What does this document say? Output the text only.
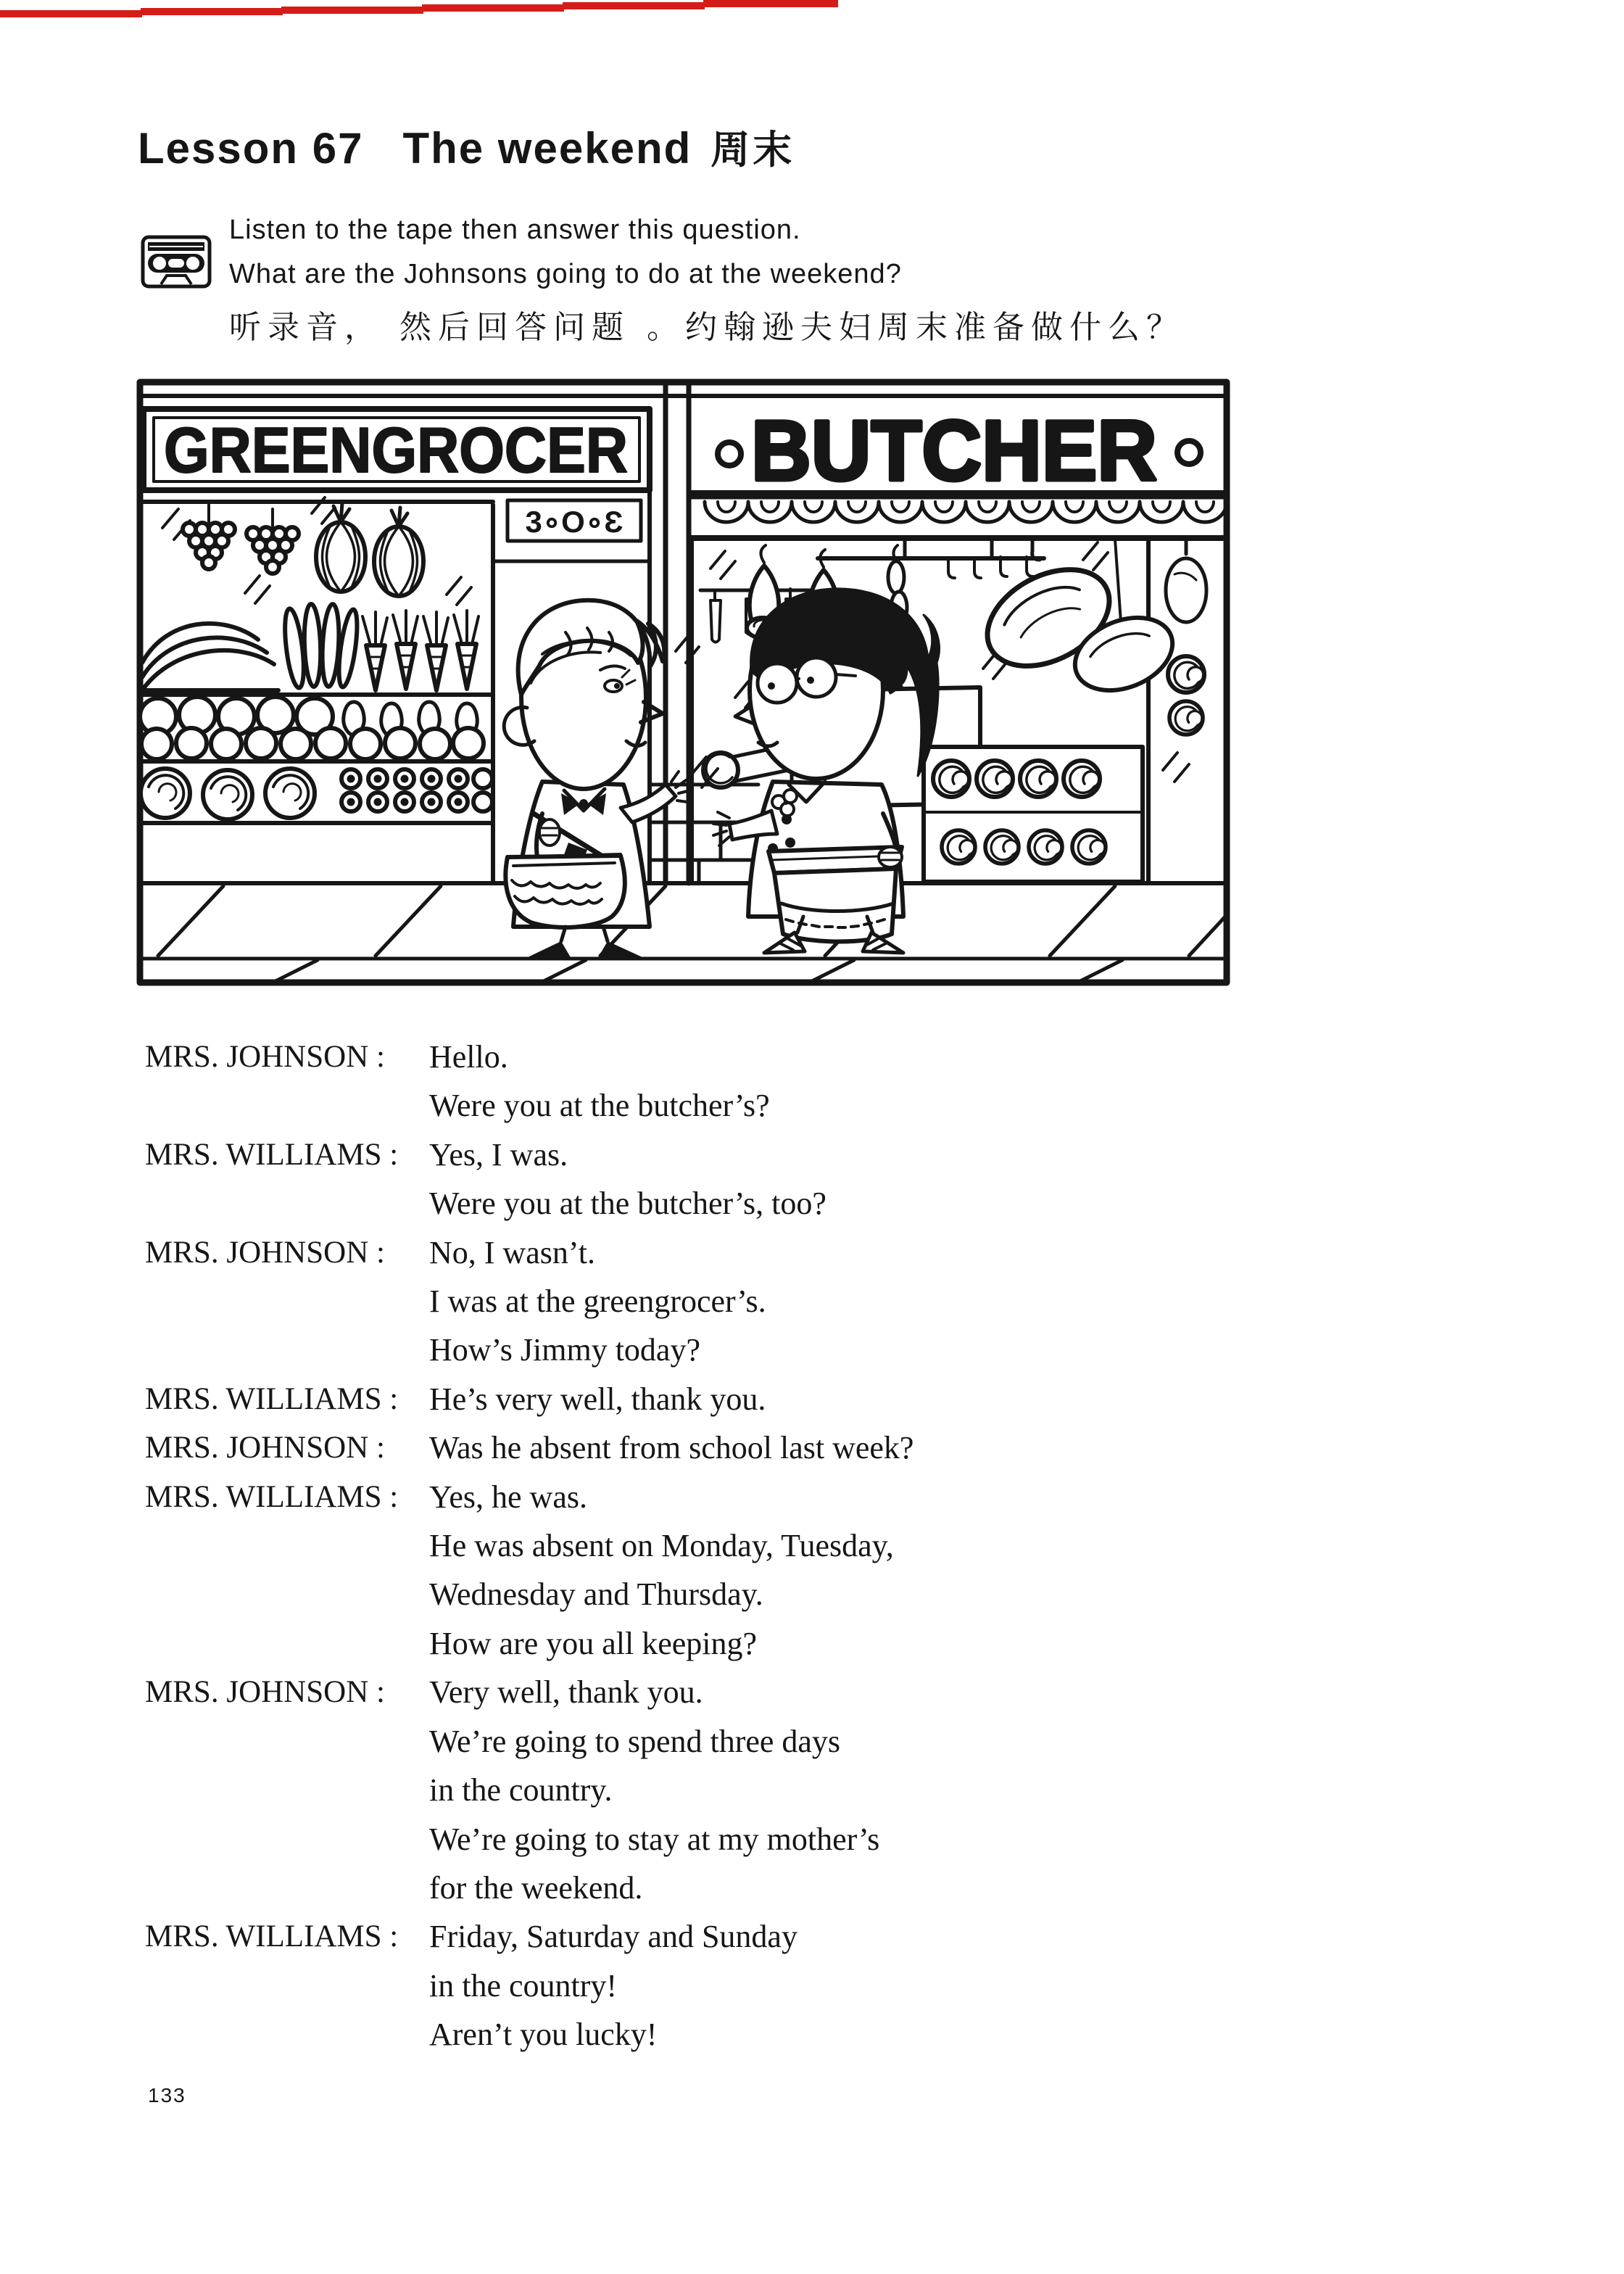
Lesson 67 The weekend 周末
Listen to the tape then answer this question.
What are the Johnsons going to do at the weekend?
听录音， 然后回答问题 。约翰逊夫妇周末准备做什么？
GREENGROCER
3∘O∘Ɛ
BUTCHER
MRS. JOHNSON :	Hello.
Were you at the butcher’s?
MRS. WILLIAMS : Yes, I was.
Were you at the butcher’s, too?
MRS. JOHNSON :	No, I wasn’t.
I was at the greengrocer’s.
How’s Jimmy today?
MRS. WILLIAMS : He’s very well, thank you.
MRS. JOHNSON :	Was he absent from school last week?
MRS. WILLIAMS : Yes, he was.
He was absent on Monday, Tuesday,
Wednesday and Thursday.
How are you all keeping?
MRS. JOHNSON :	Very well, thank you.
We’re going to spend three days
in the country.
We’re going to stay at my mother’s
for the weekend.
MRS. WILLIAMS : Friday, Saturday and Sunday
in the country!
Aren’t you lucky!
133
